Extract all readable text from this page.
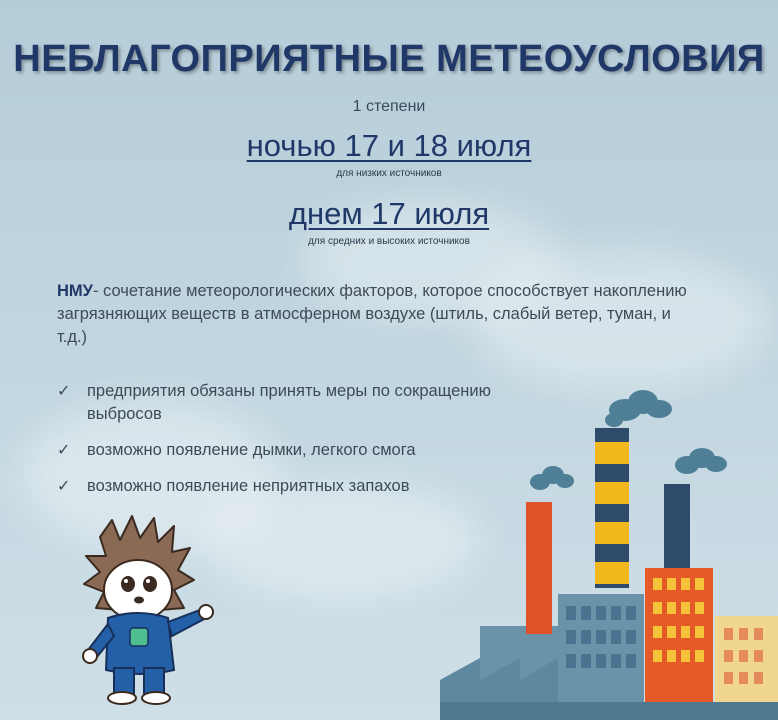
НЕБЛАГОПРИЯТНЫЕ МЕТЕОУСЛОВИЯ
1 степени
ночью 17 и 18 июля
для низких источников
днем 17 июля
для средних и высоких источников
НМУ- сочетание метеорологических факторов, которое способствует накоплению загрязняющих веществ в атмосферном воздухе (штиль, слабый ветер, туман, и т.д.)
✓ предприятия обязаны принять меры по сокращению выбросов
✓ возможно появление дымки, легкого смога
✓ возможно появление неприятных запахов
